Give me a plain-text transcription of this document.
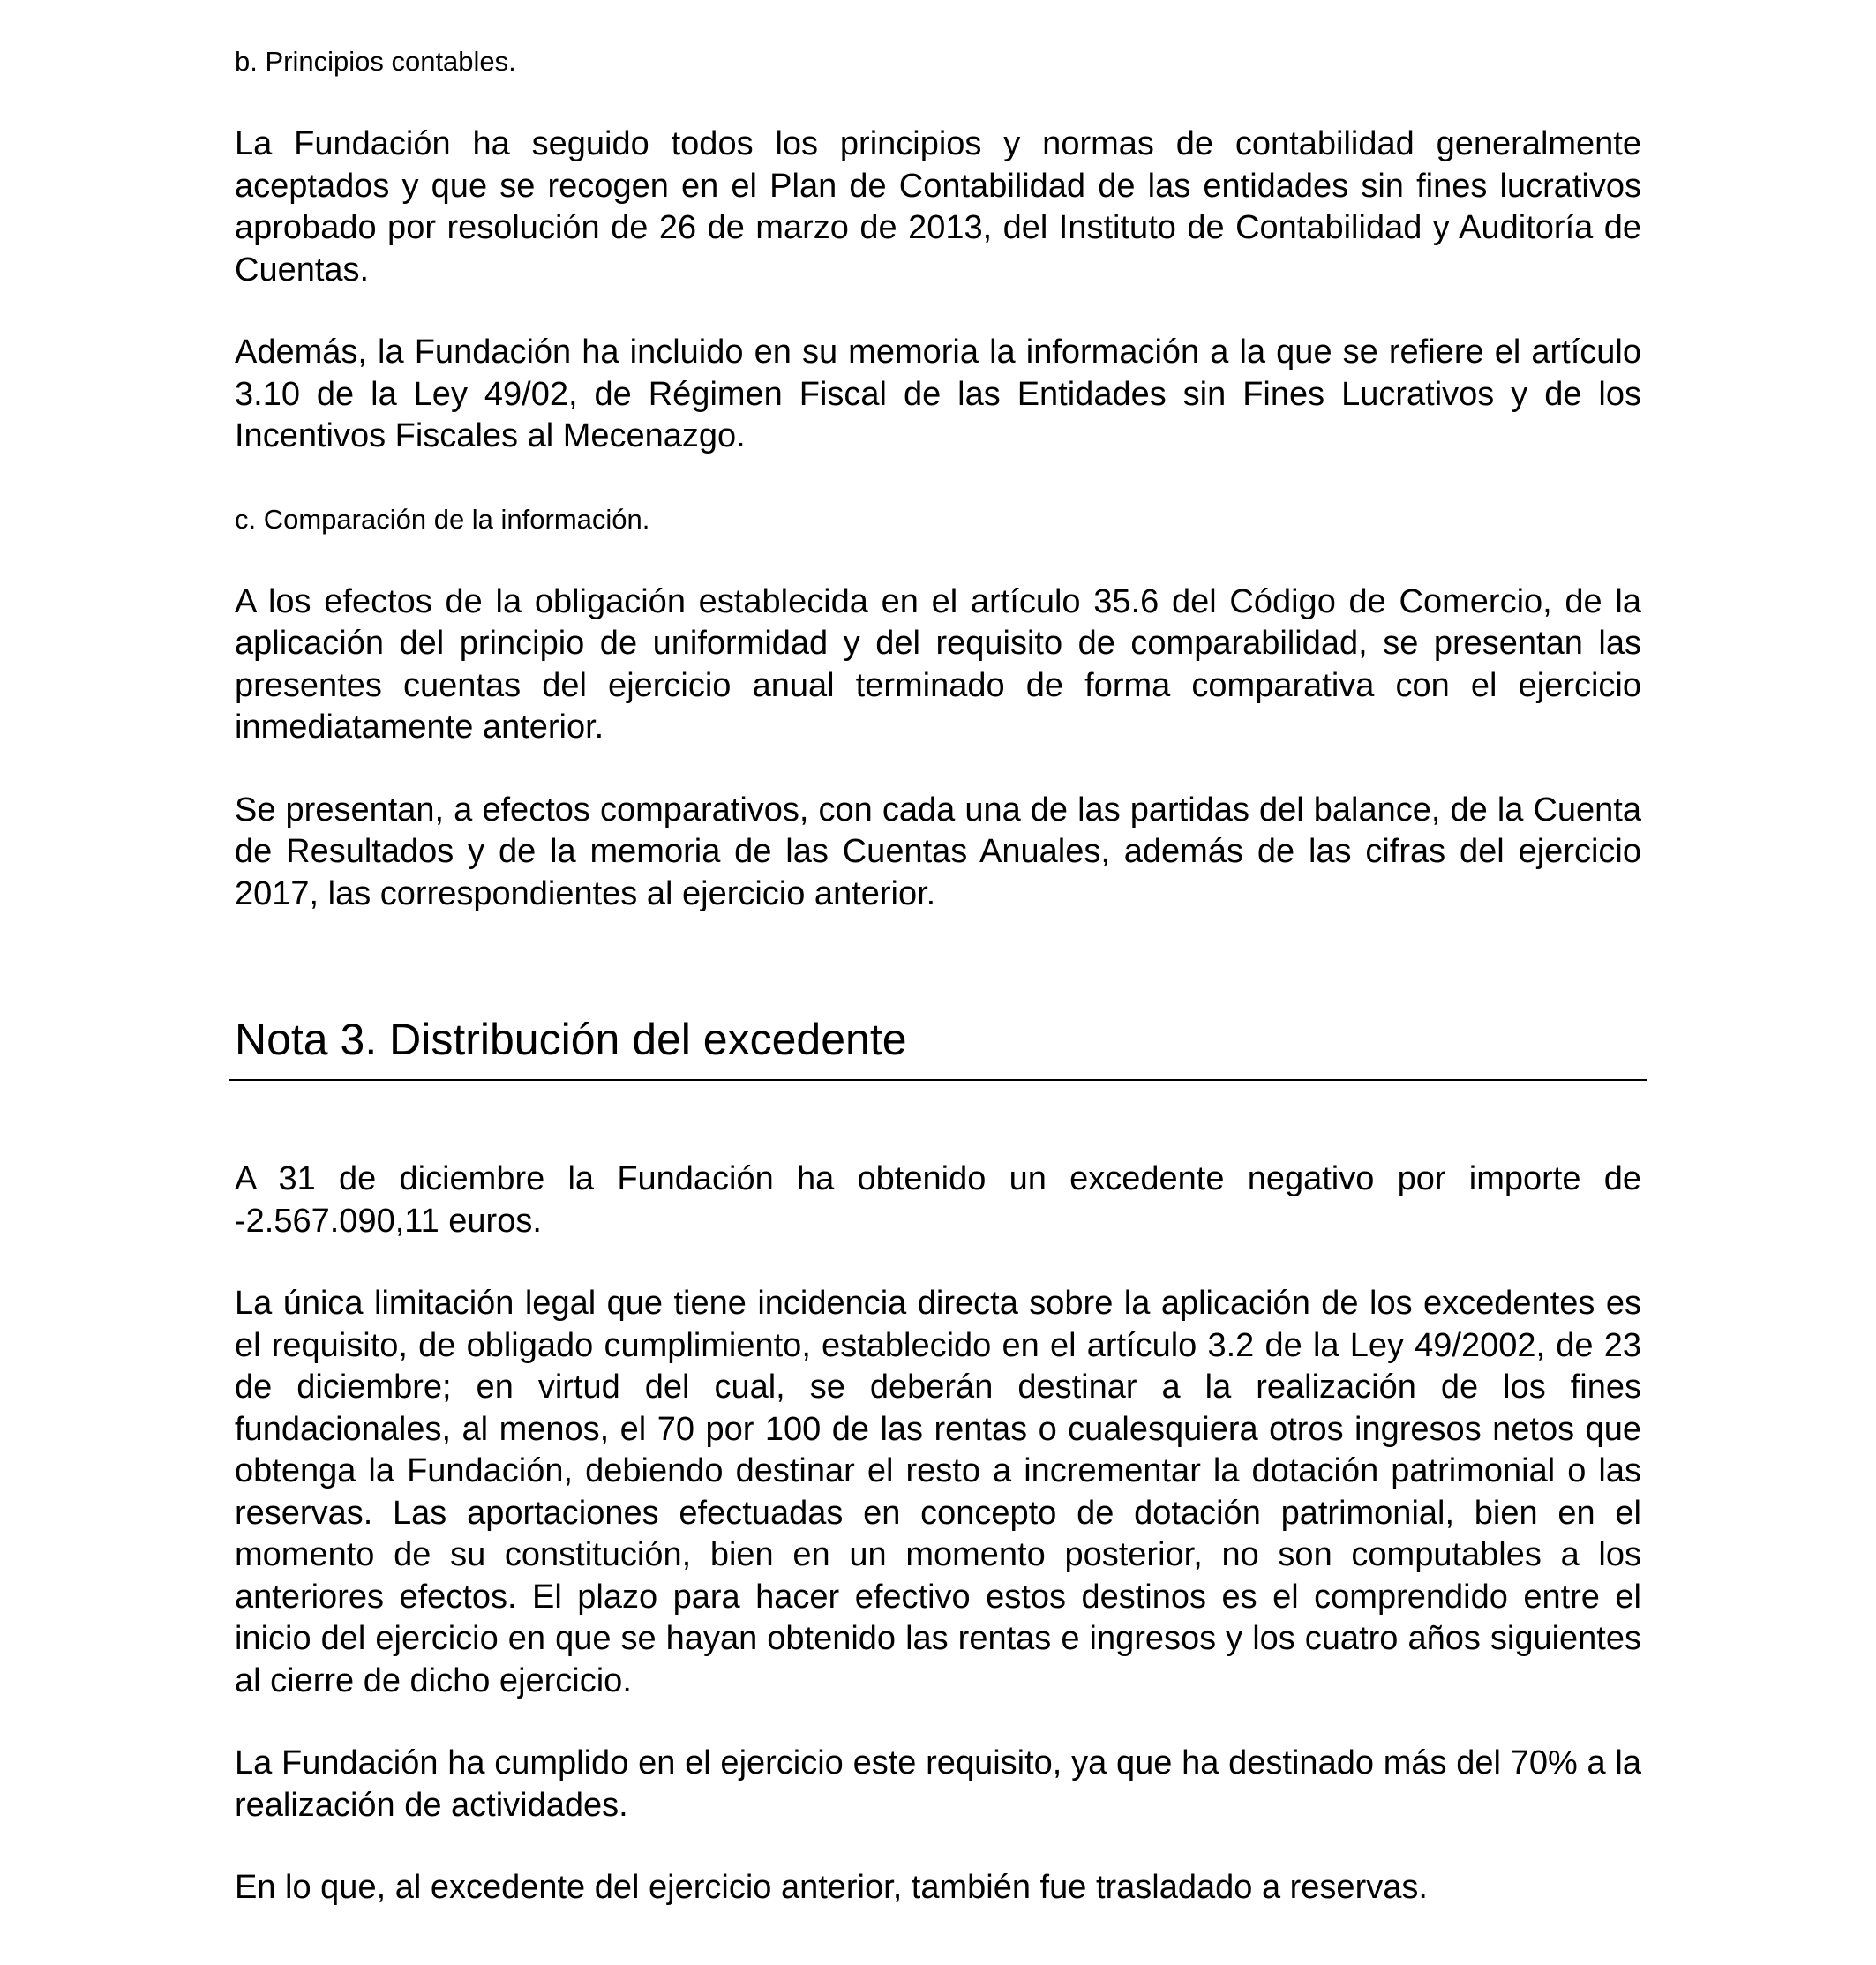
b. Principios contables.

La Fundación ha seguido todos los principios y normas de contabilidad generalmente aceptados y que se recogen en el Plan de Contabilidad de las entidades sin fines lucrativos aprobado por resolución de 26 de marzo de 2013, del Instituto de Contabilidad y Auditoría de Cuentas.

Además, la Fundación ha incluido en su memoria la información a la que se refiere el artículo 3.10 de la Ley 49/02, de Régimen Fiscal de las Entidades sin Fines Lucrativos y de los Incentivos Fiscales al Mecenazgo.

c. Comparación de la información.

A los efectos de la obligación establecida en el artículo 35.6 del Código de Comercio, de la aplicación del principio de uniformidad y del requisito de comparabilidad, se presentan las presentes cuentas del ejercicio anual terminado de forma comparativa con el ejercicio inmediatamente anterior.

Se presentan, a efectos comparativos, con cada una de las partidas del balance, de la Cuenta de Resultados y de la memoria de las Cuentas Anuales, además de las cifras del ejercicio 2017, las correspondientes al ejercicio anterior.

Nota 3. Distribución del excedente

A 31 de diciembre la Fundación ha obtenido un excedente negativo por importe de -2.567.090,11 euros.

La única limitación legal que tiene incidencia directa sobre la aplicación de los excedentes es el requisito, de obligado cumplimiento, establecido en el artículo 3.2 de la Ley 49/2002, de 23 de diciembre; en virtud del cual, se deberán destinar a la realización de los fines fundacionales, al menos, el 70 por 100 de las rentas o cualesquiera otros ingresos netos que obtenga la Fundación, debiendo destinar el resto a incrementar la dotación patrimonial o las reservas. Las aportaciones efectuadas en concepto de dotación patrimonial, bien en el momento de su constitución, bien en un momento posterior, no son computables a los anteriores efectos. El plazo para hacer efectivo estos destinos es el comprendido entre el inicio del ejercicio en que se hayan obtenido las rentas e ingresos y los cuatro años siguientes al cierre de dicho ejercicio.

La Fundación ha cumplido en el ejercicio este requisito, ya que ha destinado más del 70% a la realización de actividades.

En lo que, al excedente del ejercicio anterior, también fue trasladado a reservas.
